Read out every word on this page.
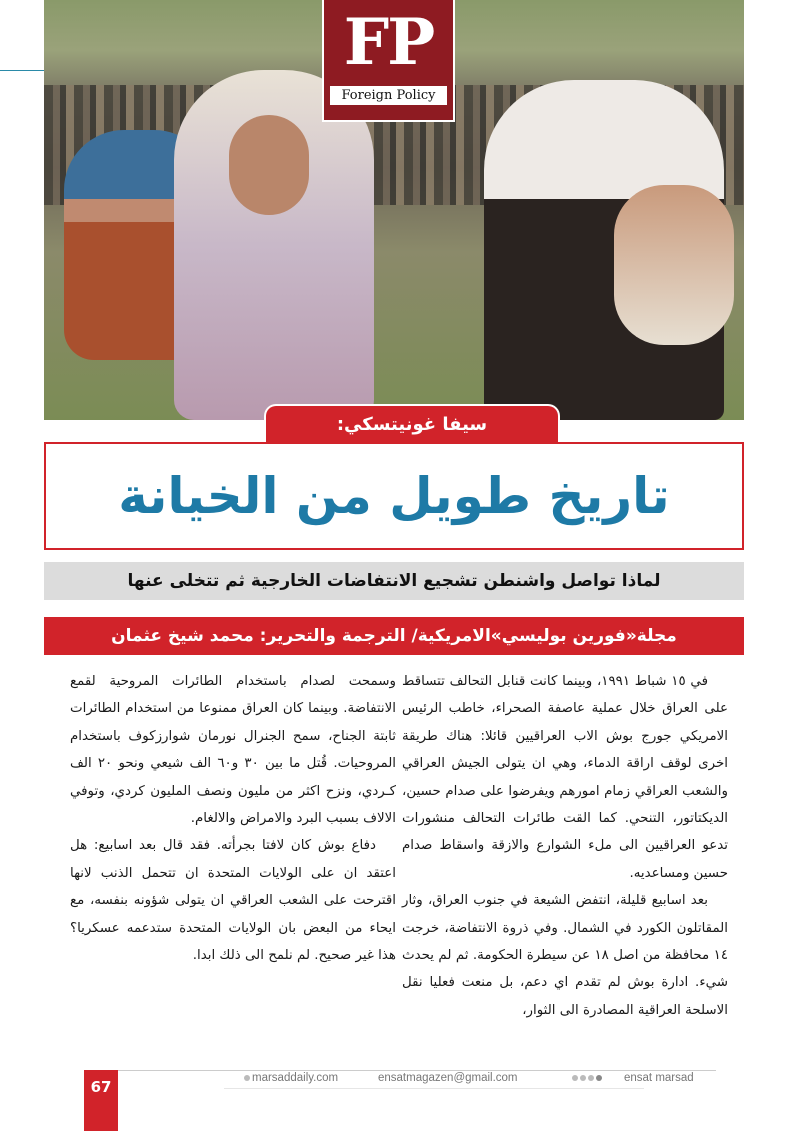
FP
Foreign Policy
سيفا غونيتسكي:
تاريخ طويل من الخيانة
لماذا تواصل واشنطن تشجيع الانتفاضات الخارجية ثم تتخلى عنها
مجلة«فورين بوليسي»الامريكية/ الترجمة والتحرير: محمد شيخ عثمان

في ١٥ شباط ١٩٩١، وبينما كانت قنابل التحالف تتساقط على العراق خلال عملية عاصفة الصحراء، خاطب الرئيس الامريكي جورج بوش الاب العراقيين قائلا: هناك طريقة اخرى لوقف اراقة الدماء، وهي ان يتولى الجيش العراقي والشعب العراقي زمام امورهم ويفرضوا على صدام حسين، الديكتاتور، التنحي. كما القت طائرات التحالف منشورات تدعو العراقيين الى ملء الشوارع والازقة واسقاط صدام حسين ومساعديه.

بعد اسابيع قليلة، انتفض الشيعة في جنوب العراق، وثار المقاتلون الكورد في الشمال. وفي ذروة الانتفاضة، خرجت ١٤ محافظة من اصل ١٨ عن سيطرة الحكومة. ثم لم يحدث شيء. ادارة بوش لم تقدم اي دعم، بل منعت فعليا نقل الاسلحة العراقية المصادرة الى الثوار،

وسمحت لصدام باستخدام الطائرات المروحية لقمع الانتفاضة. وبينما كان العراق ممنوعا من استخدام الطائرات ثابتة الجناح، سمح الجنرال نورمان شوارزكوف باستخدام المروحيات. قُتل ما بين ٣٠ و٦٠ الف شيعي ونحو ٢٠ الف كـردي، ونزح اكثر من مليون ونصف المليون كردي، وتوفي الالاف بسبب البرد والامراض والالغام.

دفاع بوش كان لافتا بجرأته. فقد قال بعد اسابيع: هل اعتقد ان على الولايات المتحدة ان تتحمل الذنب لانها اقترحت على الشعب العراقي ان يتولى شؤونه بنفسه، مع ايحاء من البعض بان الولايات المتحدة ستدعمه عسكريا؟ هذا غير صحيح. لم نلمح الى ذلك ابدا.

67	marsaddaily.com	ensatmagazen@gmail.com	ensat marsad
